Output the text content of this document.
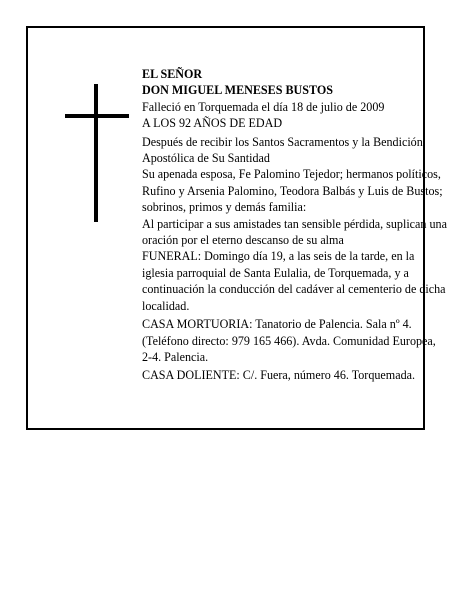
EL SEÑOR

DON MIGUEL MENESES BUSTOS

Falleció en Torquemada el día 18 de julio de 2009

A LOS 92 AÑOS DE EDAD

Después de recibir los Santos Sacramentos y la Bendición Apostólica de Su Santidad

Su apenada esposa, Fe Palomino Tejedor; hermanos políticos, Rufino y Arsenia Palomino, Teodora Balbás y Luis de Bustos; sobrinos, primos y demás familia:

Al participar a sus amistades tan sensible pérdida, suplican una oración por el eterno descanso de su alma

FUNERAL: Domingo día 19, a las seis de la tarde, en la iglesia parroquial de Santa Eulalia, de Torquemada, y a continuación la conducción del cadáver al cementerio de dicha localidad.

CASA MORTUORIA: Tanatorio de Palencia. Sala nº 4. (Teléfono directo: 979 165 466). Avda. Comunidad Europea, 2-4. Palencia.

CASA DOLIENTE: C/. Fuera, número 46. Torquemada.
